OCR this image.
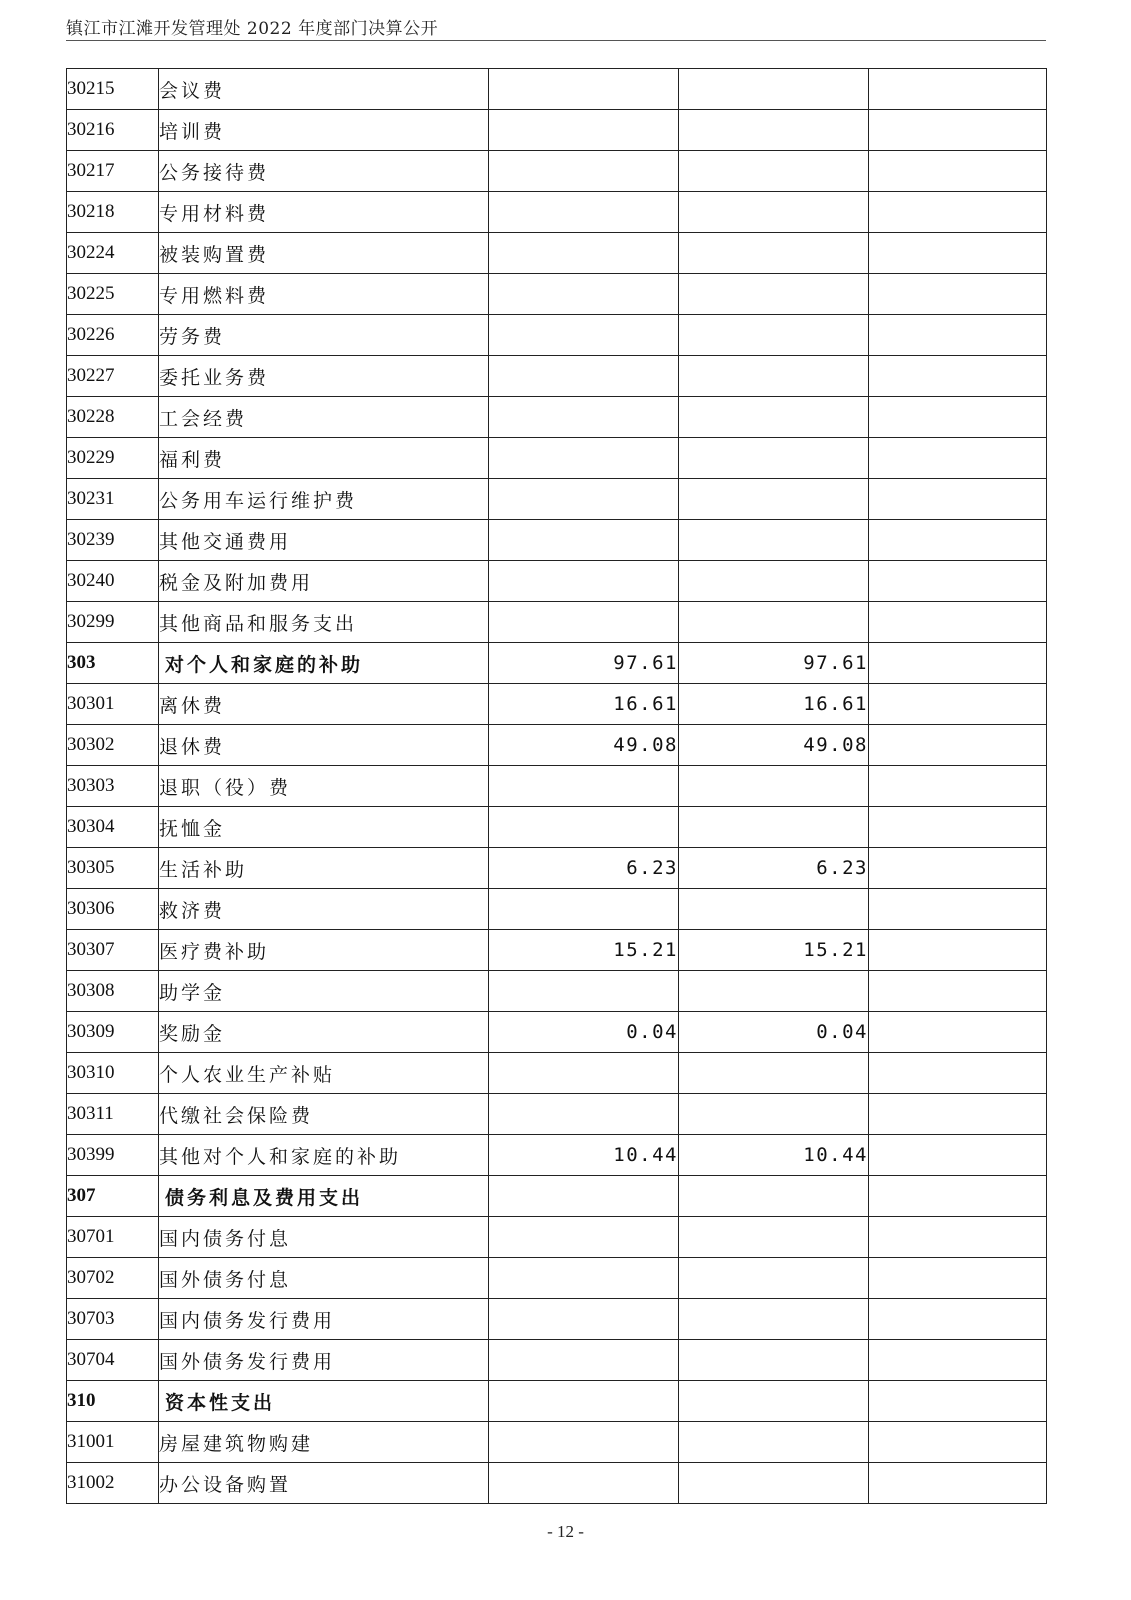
镇江市江滩开发管理处 2022 年度部门决算公开
30215	会议费			
30216	培训费			
30217	公务接待费			
30218	专用材料费			
30224	被装购置费			
30225	专用燃料费			
30226	劳务费			
30227	委托业务费			
30228	工会经费			
30229	福利费			
30231	公务用车运行维护费			
30239	其他交通费用			
30240	税金及附加费用			
30299	其他商品和服务支出			
303	对个人和家庭的补助	97.61	97.61	
30301	离休费	16.61	16.61	
30302	退休费	49.08	49.08	
30303	退职（役）费			
30304	抚恤金			
30305	生活补助	6.23	6.23	
30306	救济费			
30307	医疗费补助	15.21	15.21	
30308	助学金			
30309	奖励金	0.04	0.04	
30310	个人农业生产补贴			
30311	代缴社会保险费			
30399	其他对个人和家庭的补助	10.44	10.44	
307	债务利息及费用支出			
30701	国内债务付息			
30702	国外债务付息			
30703	国内债务发行费用			
30704	国外债务发行费用			
310	资本性支出			
31001	房屋建筑物购建			
31002	办公设备购置			
- 12 -
